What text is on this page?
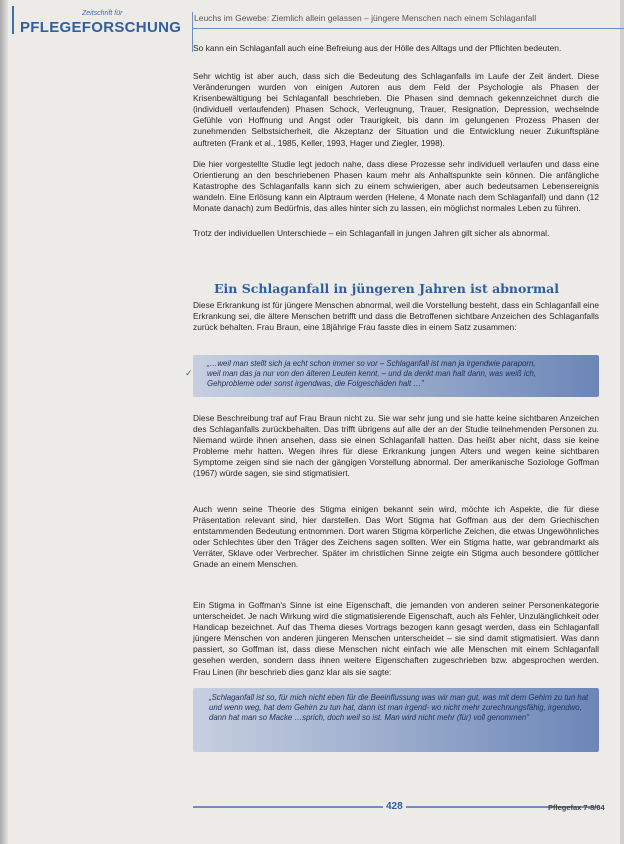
Zeitschrift für
PFLEGEFORSCHUNG
Leuchs im Gewebe: Ziemlich allein gelassen – jüngere Menschen nach einem Schlaganfall

So kann ein Schlaganfall auch eine Befreiung aus der Hölle des Alltags und der Pflichten bedeuten.

Sehr wichtig ist aber auch, dass sich die Bedeutung des Schlaganfalls im Laufe der Zeit ändert. Diese Veränderungen wurden von einigen Autoren aus dem Feld der Psychologie als Phasen der Krisenbewältigung bei Schlaganfall beschrieben. Die Phasen sind demnach gekennzeichnet durch die (individuell verlaufenden) Phasen Schock, Verleugnung, Trauer, Resignation, Depression, wechselnde Gefühle von Hoffnung und Angst oder Traurigkeit, bis dann im gelungenen Prozess Phasen der zunehmenden Selbstsicherheit, die Akzeptanz der Situation und die Entwicklung neuer Zukunftspläne auftreten (Frank et al., 1985, Keller, 1993, Hager und Ziegler, 1998).

Die hier vorgestellte Studie legt jedoch nahe, dass diese Prozesse sehr individuell verlaufen und dass eine Orientierung an den beschriebenen Phasen kaum mehr als Anhaltspunkte sein können. Die anfängliche Katastrophe des Schlaganfalls kann sich zu einem schwierigen, aber auch bedeutsamen Lebensereignis wandeln. Eine Erlösung kann ein Alptraum werden (Helene, 4 Monate nach dem Schlaganfall) und dann (12 Monate danach) zum Bedürfnis, das alles hinter sich zu lassen, ein möglichst normales Leben zu führen.

Trotz der individuellen Unterschiede – ein Schlaganfall in jungen Jahren gilt sicher als abnormal.

Ein Schlaganfall in jüngeren Jahren ist abnormal

Diese Erkrankung ist für jüngere Menschen abnormal, weil die Vorstellung besteht, dass ein Schlaganfall eine Erkrankung sei, die ältere Menschen betrifft und dass die Betroffenen sichtbare Anzeichen des Schlaganfalls zurück behalten. Frau Braun, eine 18jährige Frau fasste dies in einem Satz zusammen:

✓

„…weil man stellt sich ja echt schon immer so vor – Schlaganfall ist man ja irgendwie paraporn, weil man das ja nur von den älteren Leuten kennt, – und da denkt man halt dann, was weiß ich, Gehprobleme oder sonst irgendwas, die Folgeschäden halt …"

Diese Beschreibung traf auf Frau Braun nicht zu. Sie war sehr jung und sie hatte keine sichtbaren Anzeichen des Schlaganfalls zurückbehalten. Das trifft übrigens auf alle der an der Studie teilnehmenden Personen zu. Niemand würde ihnen ansehen, dass sie einen Schlaganfall hatten. Das heißt aber nicht, dass sie keine Probleme mehr hatten. Wegen ihres für diese Erkrankung jungen Alters und wegen keine sichtbaren Symptome zeigen sind sie nach der gängigen Vorstellung abnormal. Der amerikanische Soziologe Goffman (1967) würde sagen, sie sind stigmatisiert.

Auch wenn seine Theorie des Stigma einigen bekannt sein wird, möchte ich Aspekte, die für diese Präsentation relevant sind, hier darstellen. Das Wort Stigma hat Goffman aus der dem Griechischen entstammenden Bedeutung entnommen. Dort waren Stigma körperliche Zeichen, die etwas Ungewöhnliches oder Schlechtes über den Träger des Zeichens sagen sollten. Wer ein Stigma hatte, war gebrandmarkt als Verräter, Sklave oder Verbrecher. Später im christlichen Sinne zeigte ein Stigma auch besondere göttlicher Gnade an einem Menschen.

Ein Stigma in Goffman's Sinne ist eine Eigenschaft, die jemanden von anderen seiner Personenkategorie unterscheidet. Je nach Wirkung wird die stigmatisierende Eigenschaft, auch als Fehler, Unzulänglichkeit oder Handicap bezeichnet. Auf das Thema dieses Vortrags bezogen kann gesagt werden, dass ein Schlaganfall jüngere Menschen von anderen jüngeren Menschen unterscheidet – sie sind damit stigmatisiert. Was dann passiert, so Goffman ist, dass diese Menschen nicht einfach wie alle Menschen mit einem Schlaganfall gesehen werden, sondern dass ihnen weitere Eigenschaften zugeschrieben bzw. abgesprochen werden. Frau Linen (ihr beschrieb dies ganz klar als sie sagte:

„Schlaganfall ist so, für mich nicht eben für die Beeinflussung was wir man gut, was mit dem Gehirn zu tun hat und wenn weg, hat dem Gehirn zu tun hat, dann ist man irgend- wo nicht mehr zurechnungsfähig, irgendwo, dann hat man so Macke …sprich, doch weil so ist. Man wird nicht mehr (für) voll genommen"

428	Pflegefax 7-8/04
